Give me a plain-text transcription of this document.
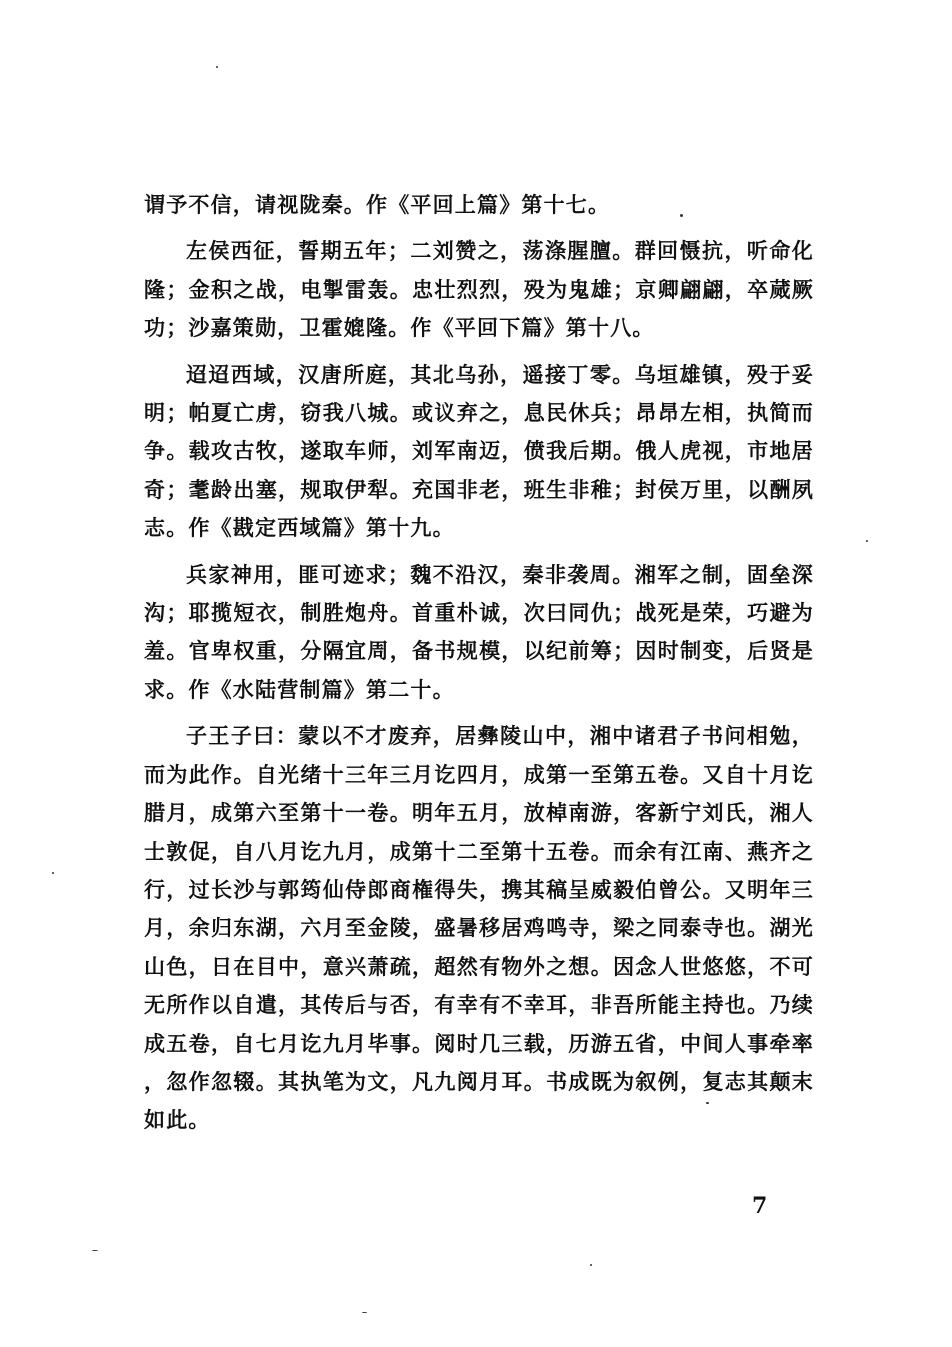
谓予不信，请视陇秦。作《平回上篇》第十七。

左侯西征，誓期五年；二刘赞之，荡涤腥膻。群回慑抗，听命化隆；金积之战，电掣雷轰。忠壮烈烈，殁为鬼雄；京卿翩翩，卒蒇厥功；沙嘉策勋，卫霍媲隆。作《平回下篇》第十八。

迢迢西域，汉唐所庭，其北乌孙，遥接丁零。乌垣雄镇，殁于妥明；帕夏亡虏，窃我八城。或议弃之，息民休兵；昂昂左相，执简而争。载攻古牧，遂取车师，刘军南迈，偾我后期。俄人虎视，市地居奇；耄龄出塞，规取伊犁。充国非老，班生非稚；封侯万里，以酬夙志。作《戡定西域篇》第十九。

兵家神用，匪可迹求；魏不沿汉，秦非袭周。湘军之制，固垒深沟；耶揽短衣，制胜炮舟。首重朴诚，次曰同仇；战死是荣，巧避为羞。官卑权重，分隔宜周，备书规模，以纪前筹；因时制变，后贤是求。作《水陆营制篇》第二十。

子王子曰：蒙以不才废弃，居彝陵山中，湘中诸君子书问相勉，而为此作。自光绪十三年三月讫四月，成第一至第五卷。又自十月讫腊月，成第六至第十一卷。明年五月，放棹南游，客新宁刘氏，湘人士敦促，自八月讫九月，成第十二至第十五卷。而余有江南、燕齐之行，过长沙与郭筠仙侍郎商権得失，携其稿呈威毅伯曾公。又明年三月，余归东湖，六月至金陵，盛暑移居鸡鸣寺，梁之同泰寺也。湖光山色，日在目中，意兴萧疏，超然有物外之想。因念人世悠悠，不可无所作以自遣，其传后与否，有幸有不幸耳，非吾所能主持也。乃续成五卷，自七月讫九月毕事。阅时几三载，历游五省，中间人事牵率，忽作忽辍。其执笔为文，凡九阅月耳。书成既为叙例，复志其颠末如此。

7
